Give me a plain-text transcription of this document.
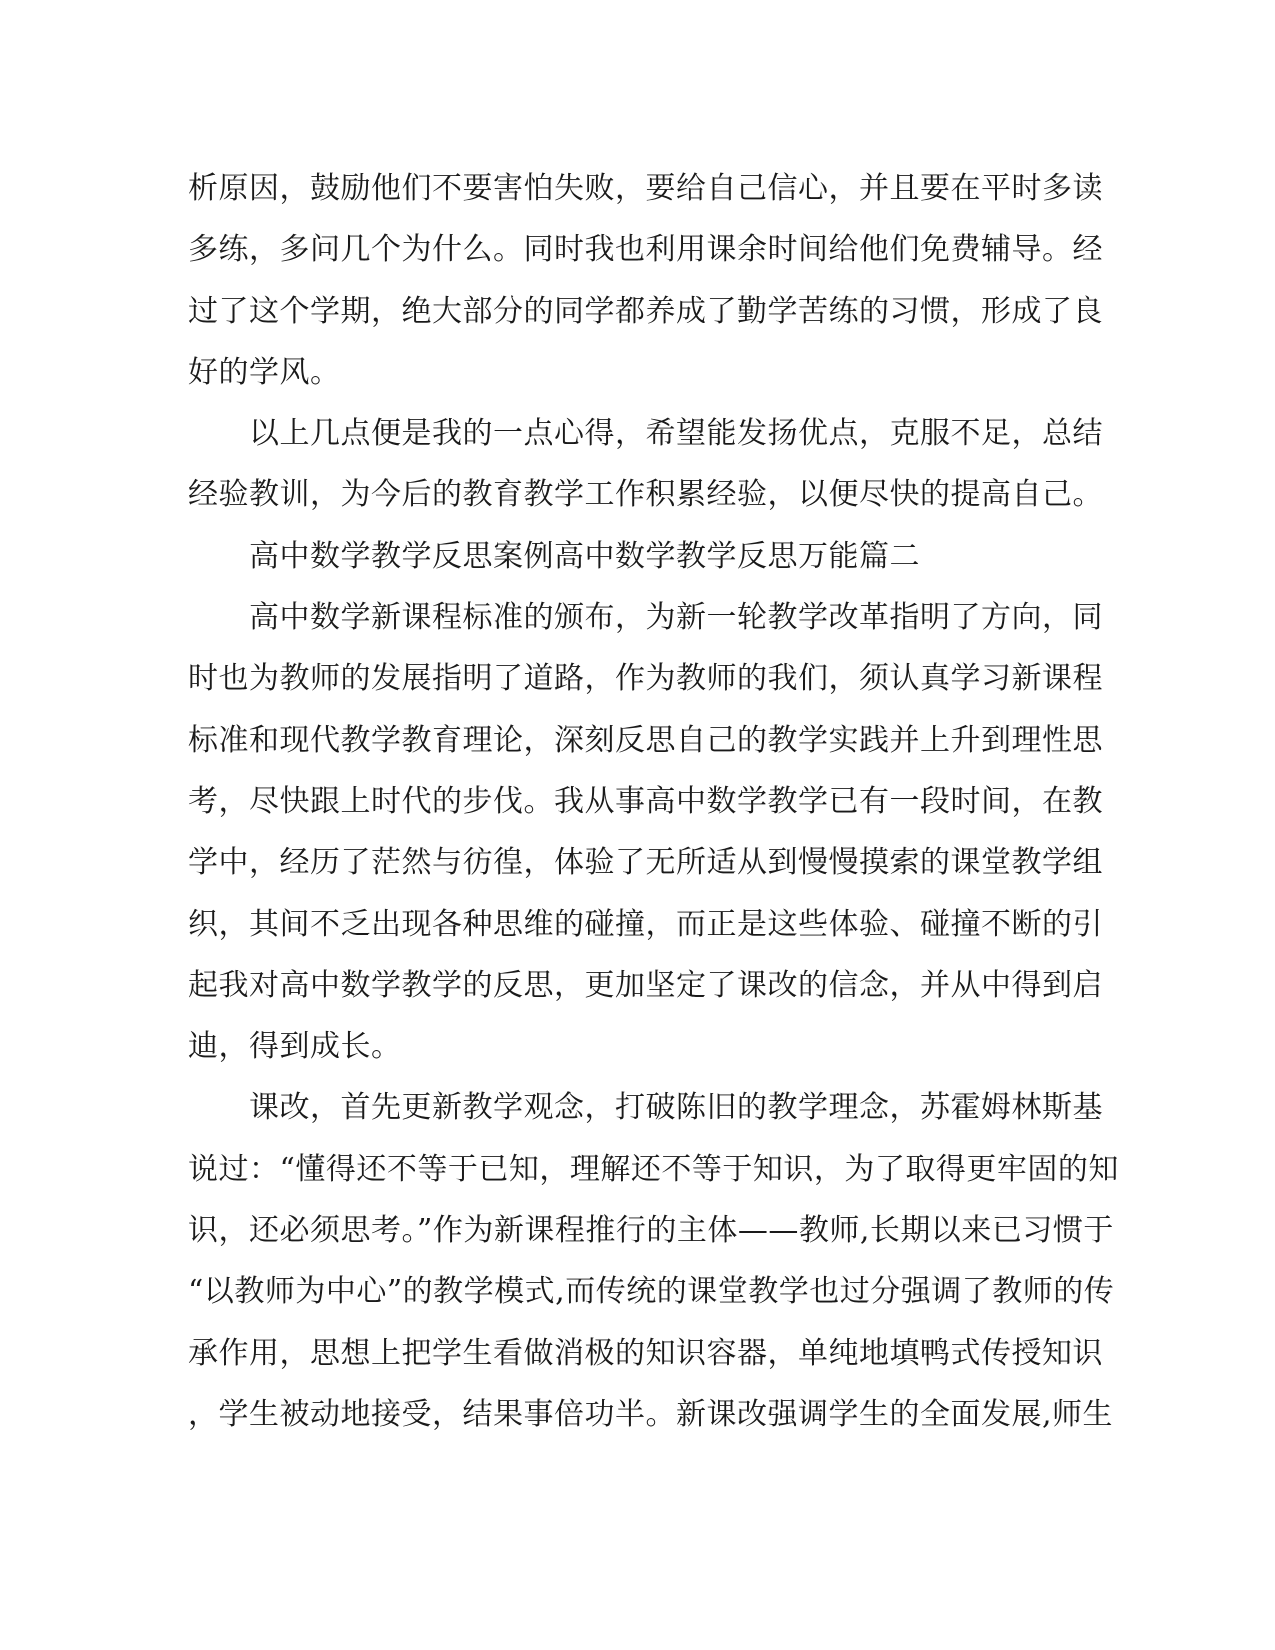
析原因，鼓励他们不要害怕失败，要给自己信心，并且要在平时多读
多练，多问几个为什么。同时我也利用课余时间给他们免费辅导。经
过了这个学期，绝大部分的同学都养成了勤学苦练的习惯，形成了良
好的学风。
　　以上几点便是我的一点心得，希望能发扬优点，克服不足，总结
经验教训，为今后的教育教学工作积累经验，以便尽快的提高自己。
　　高中数学教学反思案例高中数学教学反思万能篇二
　　高中数学新课程标准的颁布，为新一轮教学改革指明了方向，同
时也为教师的发展指明了道路，作为教师的我们，须认真学习新课程
标准和现代教学教育理论，深刻反思自己的教学实践并上升到理性思
考，尽快跟上时代的步伐。我从事高中数学教学已有一段时间，在教
学中，经历了茫然与彷徨，体验了无所适从到慢慢摸索的课堂教学组
织，其间不乏出现各种思维的碰撞，而正是这些体验、碰撞不断的引
起我对高中数学教学的反思，更加坚定了课改的信念，并从中得到启
迪，得到成长。
　　课改，首先更新教学观念，打破陈旧的教学理念，苏霍姆林斯基
说过：“懂得还不等于已知，理解还不等于知识，为了取得更牢固的知
识，还必须思考。”作为新课程推行的主体——教师,长期以来已习惯于
“以教师为中心”的教学模式,而传统的课堂教学也过分强调了教师的传
承作用，思想上把学生看做消极的知识容器，单纯地填鸭式传授知识
，学生被动地接受，结果事倍功半。新课改强调学生的全面发展,师生
